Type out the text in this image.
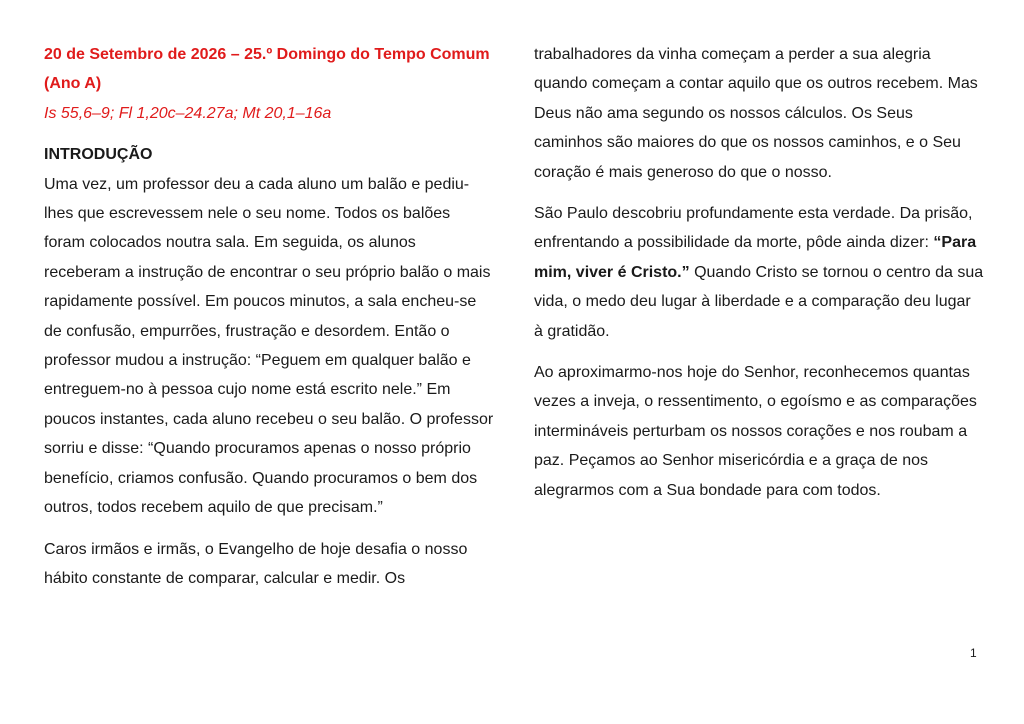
20 de Setembro de 2026 – 25.º Domingo do Tempo Comum (Ano A)

Is 55,6–9; Fl 1,20c–24.27a; Mt 20,1–16a

INTRODUÇÃO

Uma vez, um professor deu a cada aluno um balão e pediu-lhes que escrevessem nele o seu nome. Todos os balões foram colocados noutra sala. Em seguida, os alunos receberam a instrução de encontrar o seu próprio balão o mais rapidamente possível. Em poucos minutos, a sala encheu-se de confusão, empurrões, frustração e desordem. Então o professor mudou a instrução: “Peguem em qualquer balão e entreguem-no à pessoa cujo nome está escrito nele.” Em poucos instantes, cada aluno recebeu o seu balão. O professor sorriu e disse: “Quando procuramos apenas o nosso próprio benefício, criamos confusão. Quando procuramos o bem dos outros, todos recebem aquilo de que precisam.”

Caros irmãos e irmãs, o Evangelho de hoje desafia o nosso hábito constante de comparar, calcular e medir. Os

trabalhadores da vinha começam a perder a sua alegria quando começam a contar aquilo que os outros recebem. Mas Deus não ama segundo os nossos cálculos. Os Seus caminhos são maiores do que os nossos caminhos, e o Seu coração é mais generoso do que o nosso.

São Paulo descobriu profundamente esta verdade. Da prisão, enfrentando a possibilidade da morte, pôde ainda dizer: “Para mim, viver é Cristo.” Quando Cristo se tornou o centro da sua vida, o medo deu lugar à liberdade e a comparação deu lugar à gratidão.

Ao aproximarmo-nos hoje do Senhor, reconhecemos quantas vezes a inveja, o ressentimento, o egoísmo e as comparações intermináveis perturbam os nossos corações e nos roubam a paz. Peçamos ao Senhor misericórdia e a graça de nos alegrarmos com a Sua bondade para com todos.

1
